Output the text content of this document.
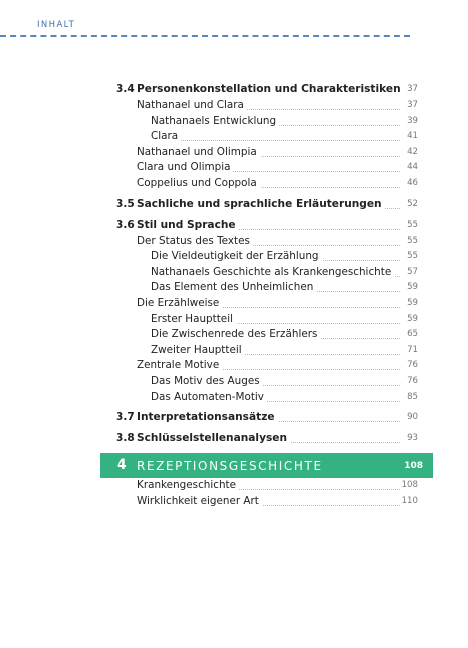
INHALT
3.4 Personenkonstellation und Charakteristiken 37
Nathanael und Clara	37
Nathanaels Entwicklung	39
Clara	41
Nathanael und Olimpia	42
Clara und Olimpia	44
Coppelius und Coppola	46
3.5 Sachliche und sprachliche Erläuterungen	52
3.6 Stil und Sprache	55
Der Status des Textes	55
Die Vieldeutigkeit der Erzählung	55
Nathanaels Geschichte als Krankengeschichte	57
Das Element des Unheimlichen	59
Die Erzählweise	59
Erster Hauptteil	59
Die Zwischenrede des Erzählers	65
Zweiter Hauptteil	71
Zentrale Motive	76
Das Motiv des Auges	76
Das Automaten-Motiv	85
3.7 Interpretationsansätze	90
3.8 Schlüsselstellenanalysen	93
4 REZEPTIONSGESCHICHTE	108
Krankengeschichte	108
Wirklichkeit eigener Art	110
